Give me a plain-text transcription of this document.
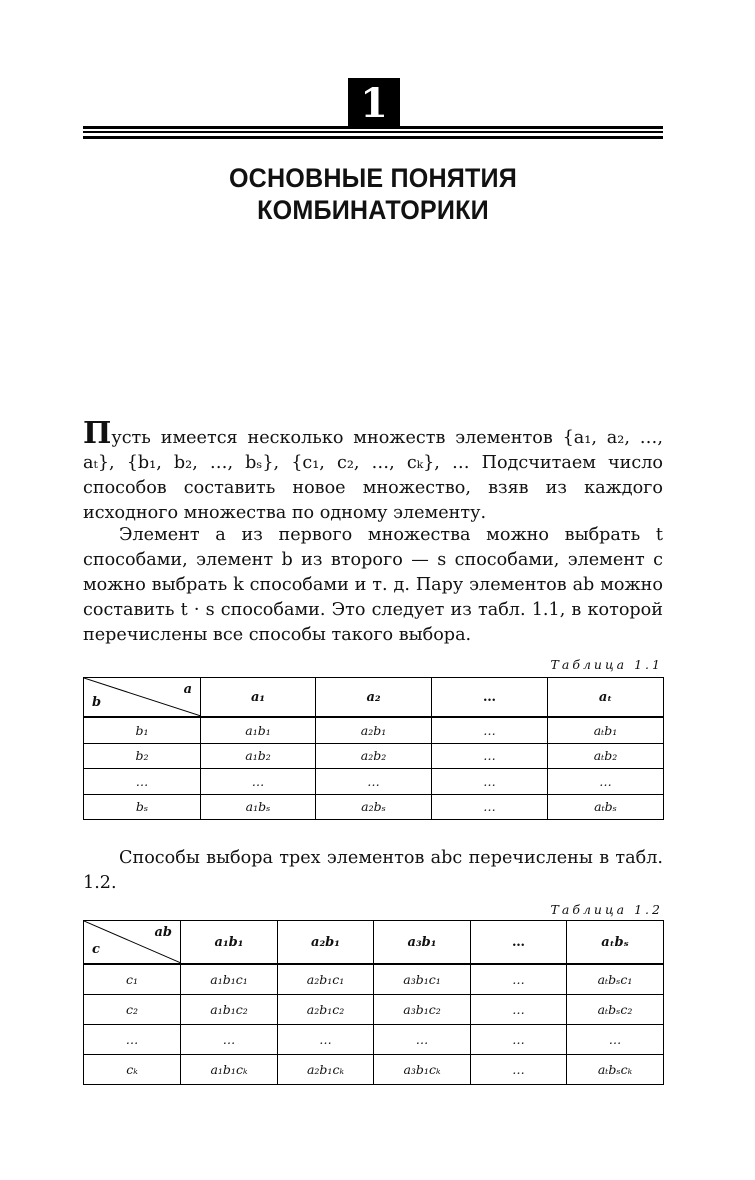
1
ОСНОВНЫЕ ПОНЯТИЯ
КОМБИНАТОРИКИ

Пусть имеется несколько множеств элементов {a₁, a₂, …, aₜ}, {b₁, b₂, …, bₛ}, {c₁, c₂, …, cₖ}, … Подсчитаем число способов составить новое множество, взяв из каждого исходного множества по одному элементу.

Элемент a из первого множества можно выбрать t способами, элемент b из второго — s способами, элемент c можно выбрать k способами и т. д. Пару элементов ab можно составить t · s способами. Это следует из табл. 1.1, в которой перечислены все способы такого выбора.

Таблица 1.1
a
b	a₁	a₂	…	aₜ
b₁	a₁b₁	a₂b₁	…	aₜb₁
b₂	a₁b₂	a₂b₂	…	aₜb₂
…	…	…	…	…
bₛ	a₁bₛ	a₂bₛ	…	aₜbₛ

Способы выбора трех элементов abc перечислены в табл. 1.2.

Таблица 1.2
ab
c	a₁b₁	a₂b₁	a₃b₁	…	aₜbₛ
c₁	a₁b₁c₁	a₂b₁c₁	a₃b₁c₁	…	aₜbₛc₁
c₂	a₁b₁c₂	a₂b₁c₂	a₃b₁c₂	…	aₜbₛc₂
…	…	…	…	…	…
cₖ	a₁b₁cₖ	a₂b₁cₖ	a₃b₁cₖ	…	aₜbₛcₖ
